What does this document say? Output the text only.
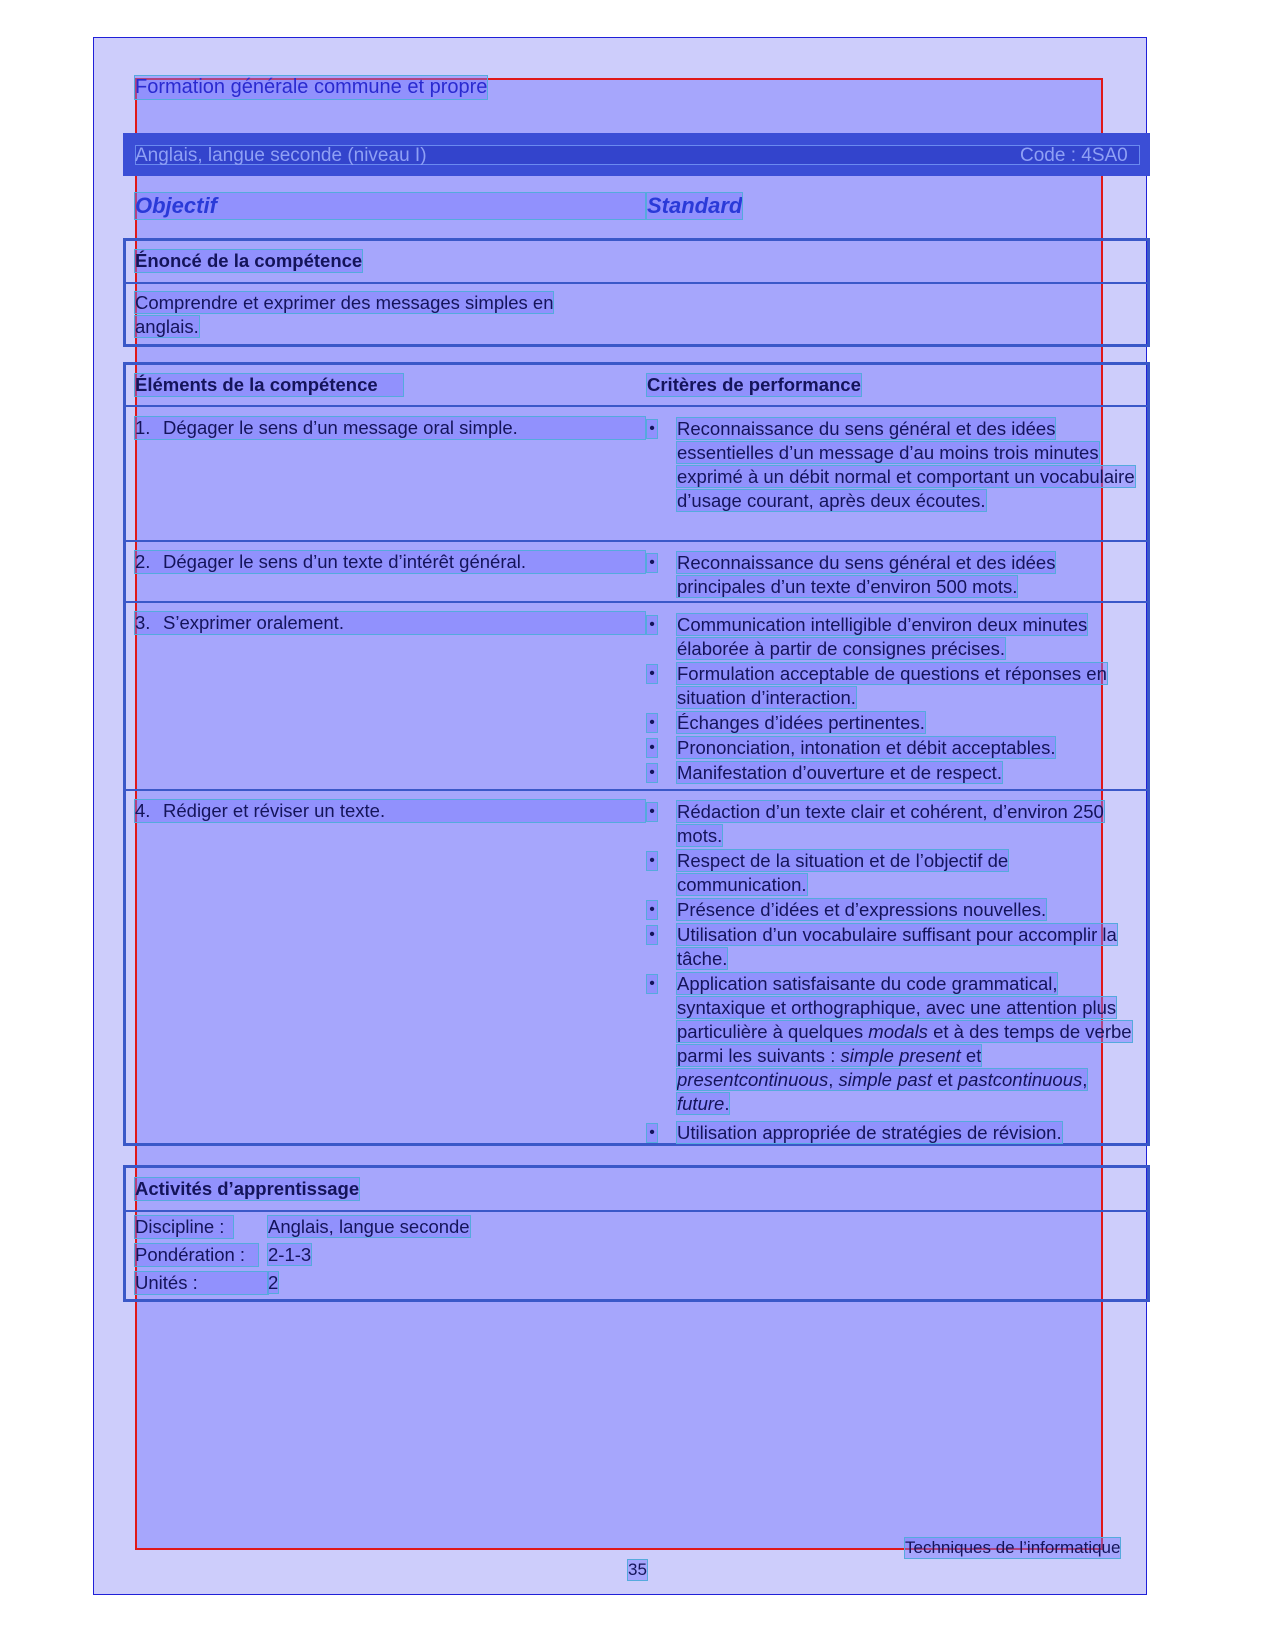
Formation générale commune et propre
Anglais, langue seconde (niveau I)	Code : 4SA0
Objectif	Standard
Énoncé de la compétence
Comprendre et exprimer des messages simples en anglais.
Éléments de la compétence	Critères de performance
1. Dégager le sens d’un message oral simple.	• Reconnaissance du sens général et des idées essentielles d’un message d’au moins trois minutes exprimé à un débit normal et comportant un vocabulaire d’usage courant, après deux écoutes.
2. Dégager le sens d’un texte d’intérêt général.	• Reconnaissance du sens général et des idées principales d’un texte d’environ 500 mots.
3. S’exprimer oralement.	• Communication intelligible d’environ deux minutes élaborée à partir de consignes précises.
• Formulation acceptable de questions et réponses en situation d’interaction.
• Échanges d’idées pertinentes.
• Prononciation, intonation et débit acceptables.
• Manifestation d’ouverture et de respect.
4. Rédiger et réviser un texte.	• Rédaction d’un texte clair et cohérent, d’environ 250 mots.
• Respect de la situation et de l’objectif de communication.
• Présence d’idées et d’expressions nouvelles.
• Utilisation d’un vocabulaire suffisant pour accomplir la tâche.
• Application satisfaisante du code grammatical, syntaxique et orthographique, avec une attention plus particulière à quelques modals et à des temps de verbe parmi les suivants : simple present et presentcontinuous, simple past et pastcontinuous, future.
• Utilisation appropriée de stratégies de révision.
Activités d’apprentissage
Discipline : Anglais, langue seconde
Pondération : 2-1-3
Unités :	2
Techniques de l’informatique
35
